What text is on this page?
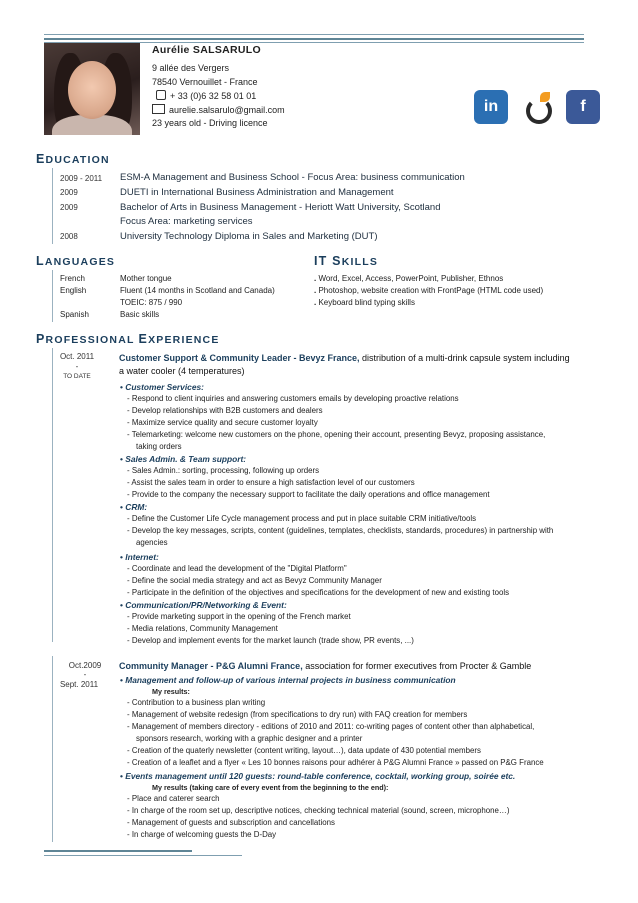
Aurélie SALSARULO
9 allée des Vergers
78540 Vernouillet - France
+ 33 (0)6 32 58 01 01
aurelie.salsarulo@gmail.com
23 years old - Driving licence
in	f
EDUCATION
2009 - 2011 ESM-A Management and Business School - Focus Area: business communication
2009	DUETI in International Business Administration and Management
2009	Bachelor of Arts in Business Management - Heriott Watt University, Scotland
Focus Area: marketing services
2008	University Technology Diploma in Sales and Marketing (DUT)
LANGUAGES
French	Mother tongue
English	Fluent (14 months in Scotland and Canada)
TOEIC: 875 / 990
Spanish	Basic skills
IT SKILLS
. Word, Excel, Access, PowerPoint, Publisher, Ethnos
. Photoshop, website creation with FrontPage (HTML code used)
. Keyboard blind typing skills
PROFESSIONAL EXPERIENCE
Oct. 2011
-
TO DATE
Customer Support & Community Leader - Bevyz France, distribution of a multi-drink capsule system including
a water cooler (4 temperatures)
• Customer Services:
- Respond to client inquiries and answering customers emails by developing proactive relations
- Develop relationships with B2B customers and dealers
- Maximize service quality and secure customer loyalty
- Telemarketing: welcome new customers on the phone, opening their account, presenting Bevyz, proposing assistance,
taking orders
• Sales Admin. & Team support:
- Sales Admin.: sorting, processing, following up orders
- Assist the sales team in order to ensure a high satisfaction level of our customers
- Provide to the company the necessary support to facilitate the daily operations and office management
• CRM:
- Define the Customer Life Cycle management process and put in place suitable CRM initiative/tools
- Develop the key messages, scripts, content (guidelines, templates, checklists, standards, procedures) in partnership with
agencies
• Internet:
- Coordinate and lead the development of the "Digital Platform"
- Define the social media strategy and act as Bevyz Community Manager
- Participate in the definition of the objectives and specifications for the development of new and existing tools
• Communication/PR/Networking & Event:
- Provide marketing support in the opening of the French market
- Media relations, Community Management
- Develop and implement events for the market launch (trade show, PR events, ...)
Oct.2009
-
Sept. 2011
Community Manager - P&G Alumni France, association for former executives from Procter & Gamble
• Management and follow-up of various internal projects in business communication
My results:
- Contribution to a business plan writing
- Management of website redesign (from specifications to dry run) with FAQ creation for members
- Management of members directory - editions of 2010 and 2011: co-writing pages of content other than alphabetical,
sponsors research, working with a graphic designer and a printer
- Creation of the quaterly newsletter (content writing, layout…), data update of 430 potential members
- Creation of a leaflet and a flyer « Les 10 bonnes raisons pour adhérer à P&G Alumni France » passed on P&G France
• Events management until 120 guests: round-table conference, cocktail, working group, soirée etc.
My results (taking care of every event from the beginning to the end):
- Place and caterer search
- In charge of the room set up, descriptive notices, checking technical material (sound, screen, microphone…)
- Management of guests and subscription and cancellations
- In charge of welcoming guests the D-Day
